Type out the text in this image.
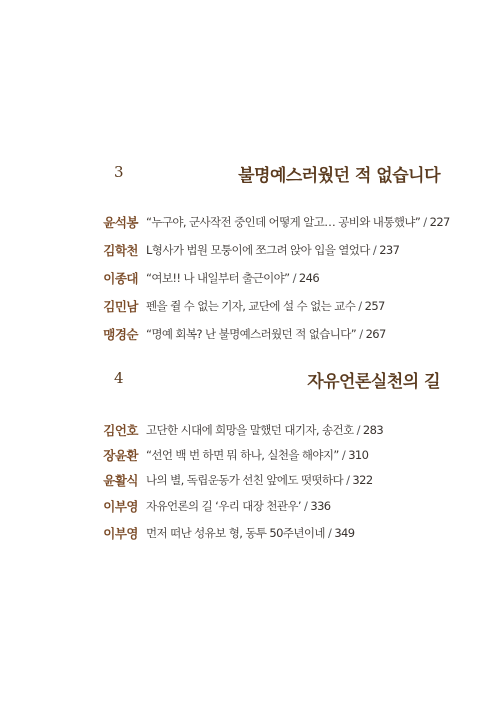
3	불명예스러웠던 적 없습니다
윤석봉 “누구야, 군사작전 중인데 어떻게 알고… 공비와 내통했냐” / 227
김학천 L형사가 법원 모퉁이에 쪼그려 앉아 입을 열었다 / 237
이종대 “여보!! 나 내일부터 출근이야” / 246
김민남 펜을 쥘 수 없는 기자, 교단에 설 수 없는 교수 / 257
맹경순 “명예 회복? 난 불명예스러웠던 적 없습니다” / 267
4	자유언론실천의 길
김언호 고단한 시대에 희망을 말했던 대기자, 송건호 / 283
장윤환 “선언 백 번 하면 뭐 하나, 실천을 해야지” / 310
윤활식 나의 별, 독립운동가 선친 앞에도 떳떳하다 / 322
이부영 자유언론의 길 ‘우리 대장 천관우’ / 336
이부영 먼저 떠난 성유보 형, 동투 50주년이네 / 349
